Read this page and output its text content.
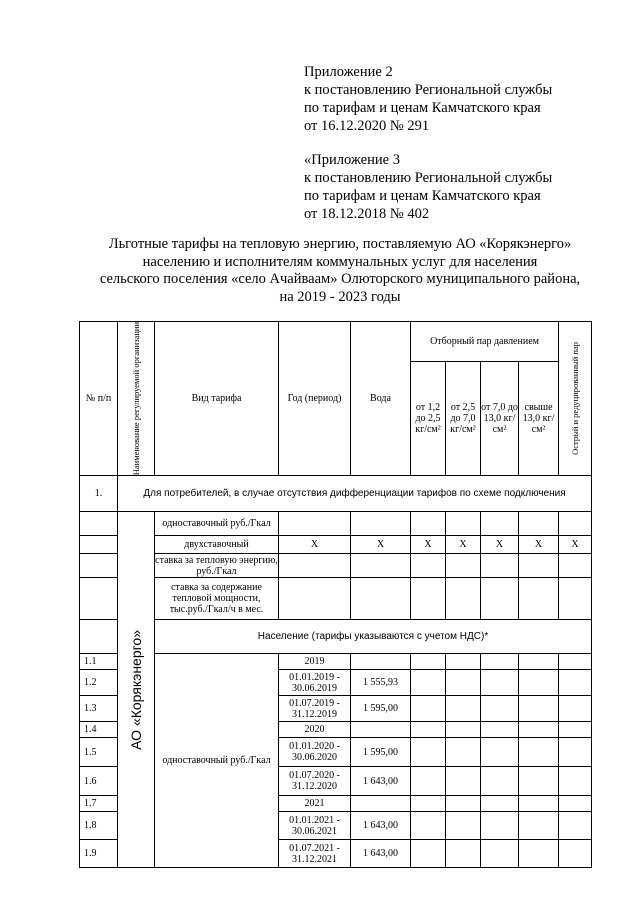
Приложение 2
к постановлению Региональной службы
по тарифам и ценам Камчатского края
от 16.12.2020 № 291
«Приложение 3
к постановлению Региональной службы
по тарифам и ценам Камчатского края
от 18.12.2018 № 402
Льготные тарифы на тепловую энергию, поставляемую АО «Корякэнерго»
населению и исполнителям коммунальных услуг для населения
сельского поселения «село Ачайваам» Олюторского муниципального района,
на 2019 - 2023 годы
№ п/п	Наименование регулируемой организации	Вид тарифа	Год (период)	Вода	Отборный пар давлением				Острый и редуцированный пар

					от 1,2 до 2,5 кг/см²	от 2,5 до 7,0 кг/см²	от 7,0 до 13,0 кг/см²	свыше 13,0 кг/см²	
1.	Для потребителей, в случае отсутствия дифференциации тарифов по схеме подключения								

	АО «Корякэнерго»	одноставочный руб./Гкал							
		двухставочный	Х	Х	Х	Х	Х	Х	Х
		ставка за тепловую энергию, руб./Гкал							
		ставка за содержание тепловой мощности, тыс.руб./Гкал/ч в мес.							
		Население (тарифы указываются с учетом НДС)*							
1.1		одноставочный руб./Гкал	2019						
1.2			01.01.2019 - 30.06.2019	1 555,93					
1.3			01.07.2019 - 31.12.2019	1 595,00					
1.4			2020						
1.5			01.01.2020 - 30.06.2020	1 595,00					
1.6			01.07.2020 - 31.12.2020	1 643,00					
1.7			2021						
1.8			01.01.2021 - 30.06.2021	1 643,00					
1.9			01.07.2021 - 31.12.2021	1 643,00					
